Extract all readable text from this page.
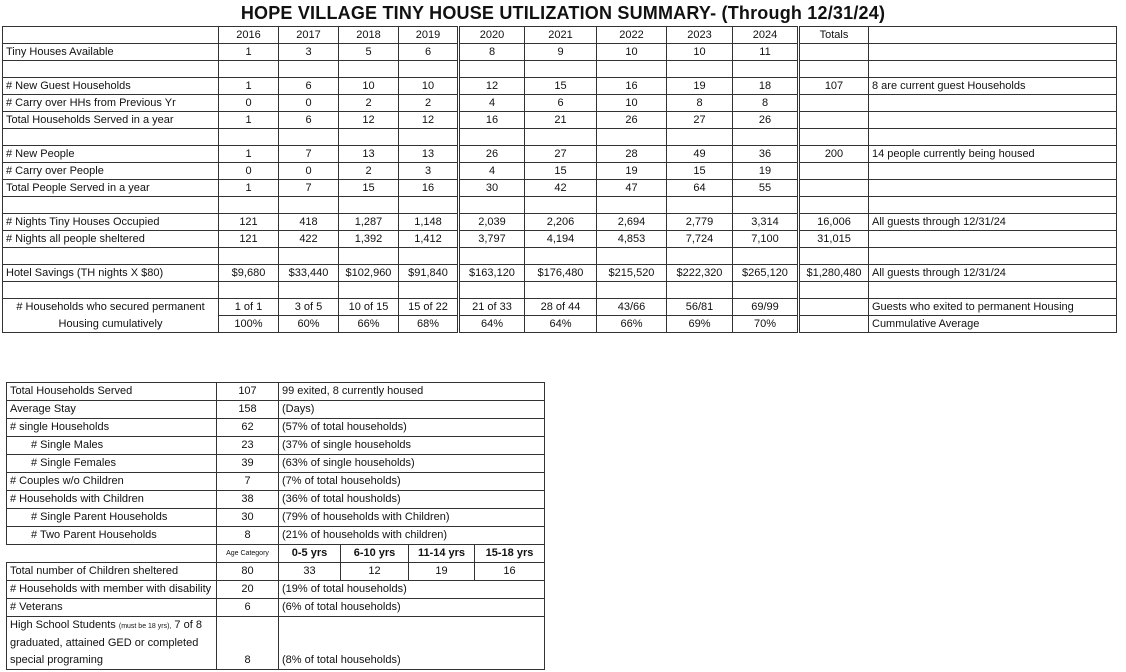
HOPE VILLAGE TINY HOUSE UTILIZATION SUMMARY- (Through 12/31/24)
	2016	2017	2018	2019	2020	2021	2022	2023	2024	Totals	
Tiny Houses Available	1	3	5	6	8	9	10	10	11		

# New Guest Households	1	6	10	10	12	15	16	19	18	107	8 are current guest Households
# Carry over HHs from Previous Yr	0	0	2	2	4	6	10	8	8		
Total Households Served in a year	1	6	12	12	16	21	26	27	26		

# New People	1	7	13	13	26	27	28	49	36	200	14 people currently being housed
# Carry over People	0	0	2	3	4	15	19	15	19		
Total People Served in a year	1	7	15	16	30	42	47	64	55		

# Nights Tiny Houses Occupied	121	418	1,287	1,148	2,039	2,206	2,694	2,779	3,314	16,006	All guests through 12/31/24
# Nights all people sheltered	121	422	1,392	1,412	3,797	4,194	4,853	7,724	7,100	31,015	

Hotel Savings (TH nights X $80)	$9,680	$33,440	$102,960	$91,840	$163,120	$176,480	$215,520	$222,320	$265,120	$1,280,480	All guests through 12/31/24

# Households who secured permanent	1 of 1	3 of 5	10 of 15	15 of 22	21 of 33	28 of 44	43/66	56/81	69/99		Guests who exited to permanent Housing
Housing cumulatively	100%	60%	66%	68%	64%	64%	66%	69%	70%		Cummulative Average
Total Households Served	107	99 exited, 8 currently housed				
Average Stay	158	(Days)				
# single Households	62	(57% of total households)				
# Single Males	23	(37% of single households				
# Single Females	39	(63% of single households)				
# Couples w/o Children	7	(7% of total households)				
# Households with Children	38	(36% of total housholds)				
# Single Parent Households	30	(79% of households with Children)				
# Two Parent Households	8	(21% of households with children)				
	Age Category	0-5 yrs	6-10 yrs	11-14 yrs	15-18 yrs	
Total number of Children sheltered	80	33	12	19	16	
# Households with member with disability	20	(19% of total households)				
# Veterans	6	(6% of total households)				
High School Students (must be 18 yrs), 7 of 8 graduated, attained GED or completed special programing	8	(8% of total households)				
